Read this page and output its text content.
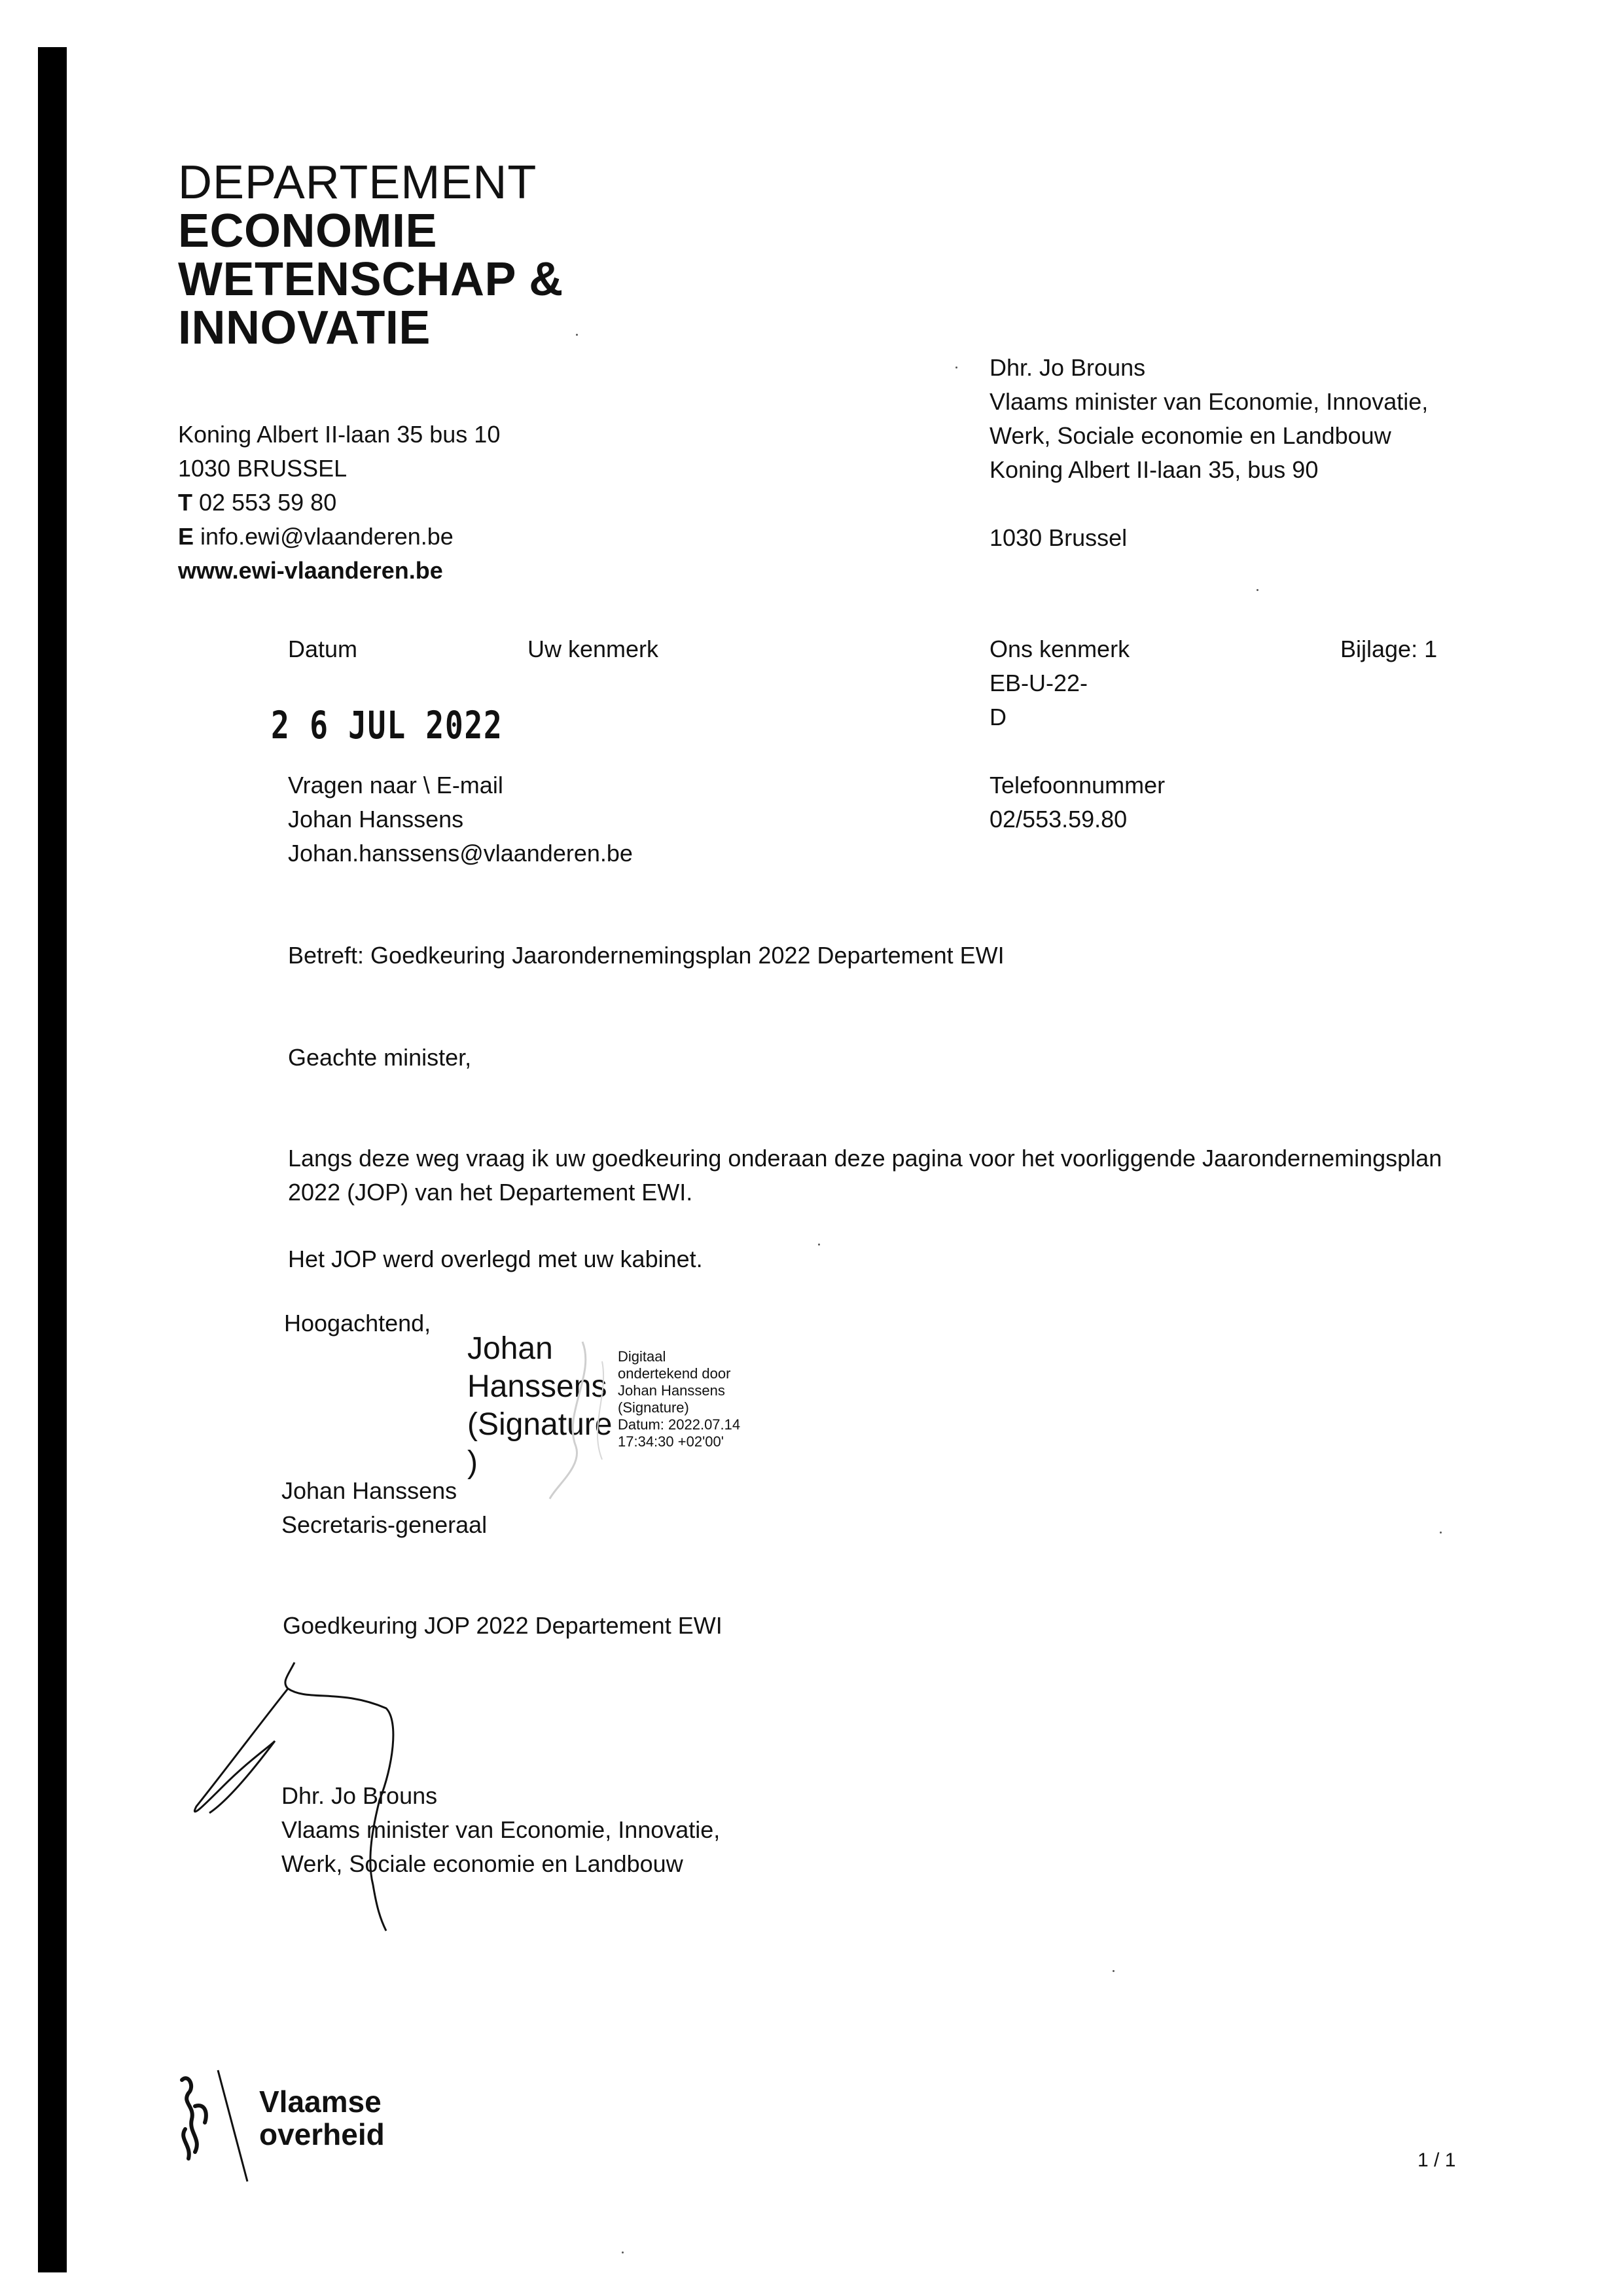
DEPARTEMENT
ECONOMIE
WETENSCHAP &
INNOVATIE
Koning Albert II-laan 35 bus 10
1030 BRUSSEL
T 02 553 59 80
E info.ewi@vlaanderen.be
www.ewi-vlaanderen.be
Dhr. Jo Brouns
Vlaams minister van Economie, Innovatie,
Werk, Sociale economie en Landbouw
Koning Albert II-laan 35, bus 90
1030 Brussel
Datum	Uw kenmerk	Ons kenmerk
EB-U-22-
D
Bijlage: 1
2 6 JUL 2022
Vragen naar \ E-mail
Johan Hanssens
Johan.hanssens@vlaanderen.be
Telefoonnummer
02/553.59.80
Betreft: Goedkeuring Jaarondernemingsplan 2022 Departement EWI
Geachte minister,
Langs deze weg vraag ik uw goedkeuring onderaan deze pagina voor het voorliggende Jaarondernemingsplan
2022 (JOP) van het Departement EWI.
Het JOP werd overlegd met uw kabinet.
Hoogachtend,
Johan
Hanssens
(Signature
)
Digitaal
ondertekend door
Johan Hanssens
(Signature)
Datum: 2022.07.14
17:34:30 +02'00'
Johan Hanssens
Secretaris-generaal
Goedkeuring JOP 2022 Departement EWI
Dhr. Jo Brouns
Vlaams minister van Economie, Innovatie,
Werk, Sociale economie en Landbouw
Vlaamse
overheid
1 / 1
